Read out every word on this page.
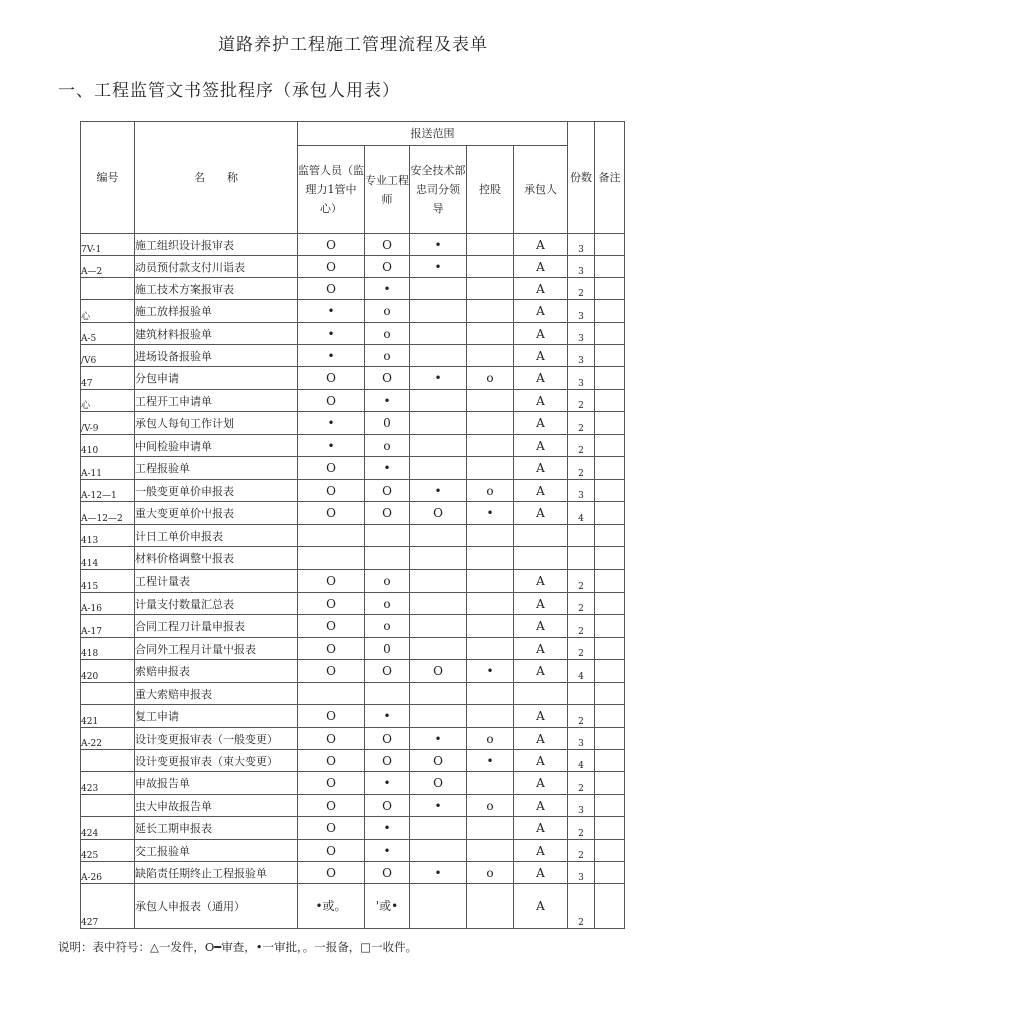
道路养护工程施工管理流程及表单
一、工程监管文书签批程序（承包人用表）
编号	名　　称	报送范围					份数	备注
		监管人员（监理力1管中心）	专业工程师	安全技术部忠司分领 导	控股	承包人		
7V-1	施工组织设计报审表	O	O	•		A	3	
A—2	动员预付款支付川诣表	O	O	•		A	3	
	施工技术方案报审表	O	•			A	2	
心	施工放样报验单	•	o			A	3	
A-5	建筑材料报验单	•	o			A	3	
/V6	进场设备报验单	•	o			A	3	
47	分包申请	O	O	•	o	A	3	
心	工程开工申请单	O	•			A	2	
/V-9	承包人每旬工作计划	•	0			A	2	
410	中间检验申请单	•	o			A	2	
A-11	工程报验单	O	•			A	2	
A-12—1	一般变更单价申报表	O	O	•	o	A	3	
A—12—2	重大变更单价屮报表	O	O	O	•	A	4	
413	计日工单价申报表							
414	材料价格调整屮报表							
415	工程计量表	O	o			A	2	
A-16	计量支付数量汇总表	O	o			A	2	
A-17	合同工程刀计量申报表	O	o			A	2	
418	合同外工程月计量屮报表	O	0			A	2	
420	索赔申报表	O	O	O	•	A	4	
	重大索赔申报表							
421	复工申请	O	•			A	2	
A-22	设计变更报审表（一般变更）	O	O	•	o	A	3	
	设计变更报审表（束大变更）	O	O	O	•	A	4	
423	申故报告单	O	•	O		A	2	
	虫大申故报告单	O	O	•	o	A	3	
424	延长工期申报表	O	•			A	2	
425	交工报验单	O	•			A	2	
A-26	缺陷责任期终止工程报验单	O	O	•	o	A	3	
427	承包人申报表（通用）	•或。	'或•			A	2	
说明：表中符号：△一发件，O━审查，•一审批，。一报备，□一收件。
